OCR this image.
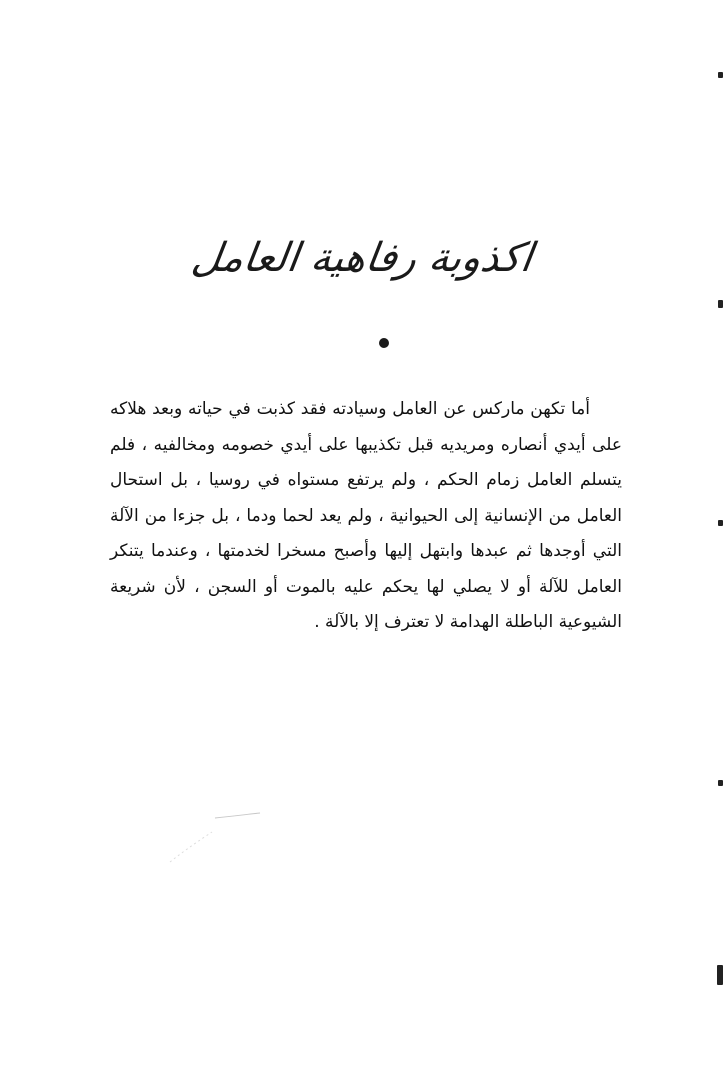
اكذوبة رفاهية العامل

أما تكهن ماركس عن العامل وسيادته فقد كذبت في حياته وبعد هلاكه على أيدي أنصاره ومريديه قبل تكذيبها على أيدي خصومه ومخالفيه ، فلم يتسلم العامل زمام الحكم ، ولم يرتفع مستواه في روسيا ، بل استحال العامل من الإنسانية إلى الحيوانية ، ولم يعد لحما ودما ، بل جزءا من الآلة التي أوجدها ثم عبدها وابتهل إليها وأصبح مسخرا لخدمتها ، وعندما يتنكر العامل للآلة أو لا يصلي لها يحكم عليه بالموت أو السجن ، لأن شريعة الشيوعية الباطلة الهدامة لا تعترف إلا بالآلة .
